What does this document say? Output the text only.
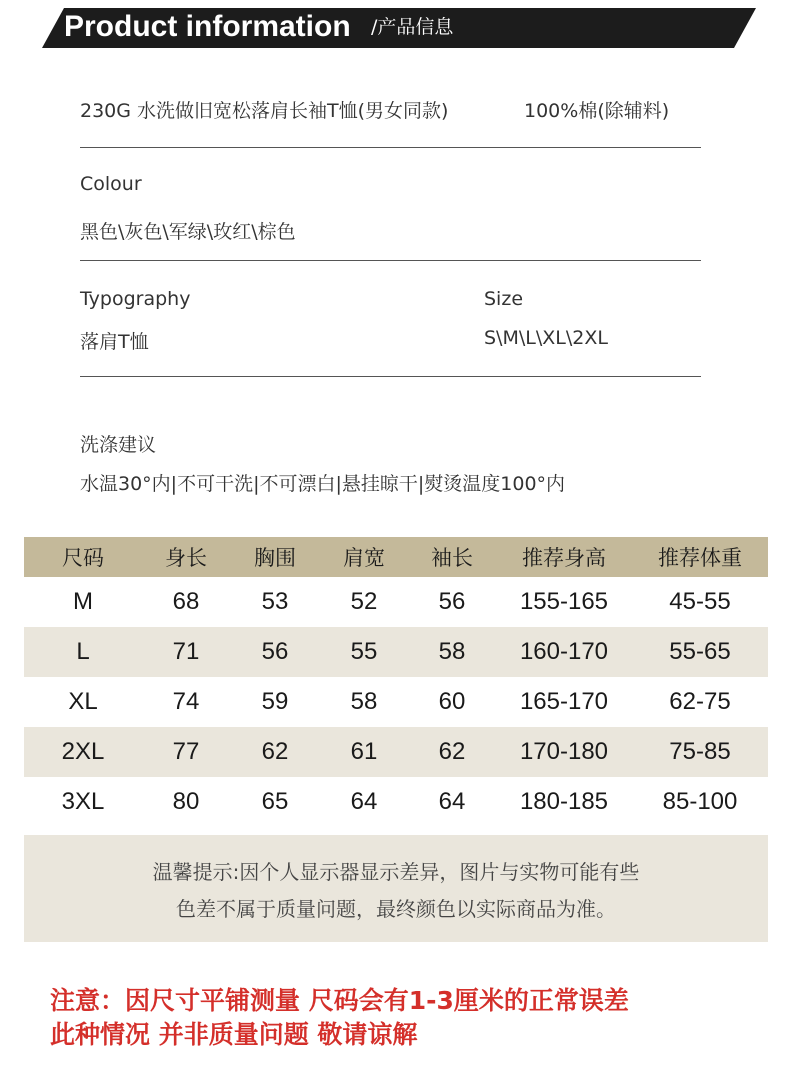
Product information /产品信息
230G 水洗做旧宽松落肩长袖T恤(男女同款)	100%棉(除辅料)
Colour
黑色\灰色\军绿\玫红\棕色
Typography
落肩T恤
Size
S\M\L\XL\2XL
洗涤建议
水温30°内|不可干洗|不可漂白|悬挂晾干|熨烫温度100°内
尺码	身长	胸围	肩宽	袖长	推荐身高	推荐体重
M	68	53	52	56	155-165	45-55
L	71	56	55	58	160-170	55-65
XL	74	59	58	60	165-170	62-75
2XL	77	62	61	62	170-180	75-85
3XL	80	65	64	64	180-185	85-100
温馨提示:因个人显示器显示差异，图片与实物可能有些
色差不属于质量问题，最终颜色以实际商品为准。
注意：因尺寸平铺测量 尺码会有1-3厘米的正常误差
此种情况 并非质量问题 敬请谅解
